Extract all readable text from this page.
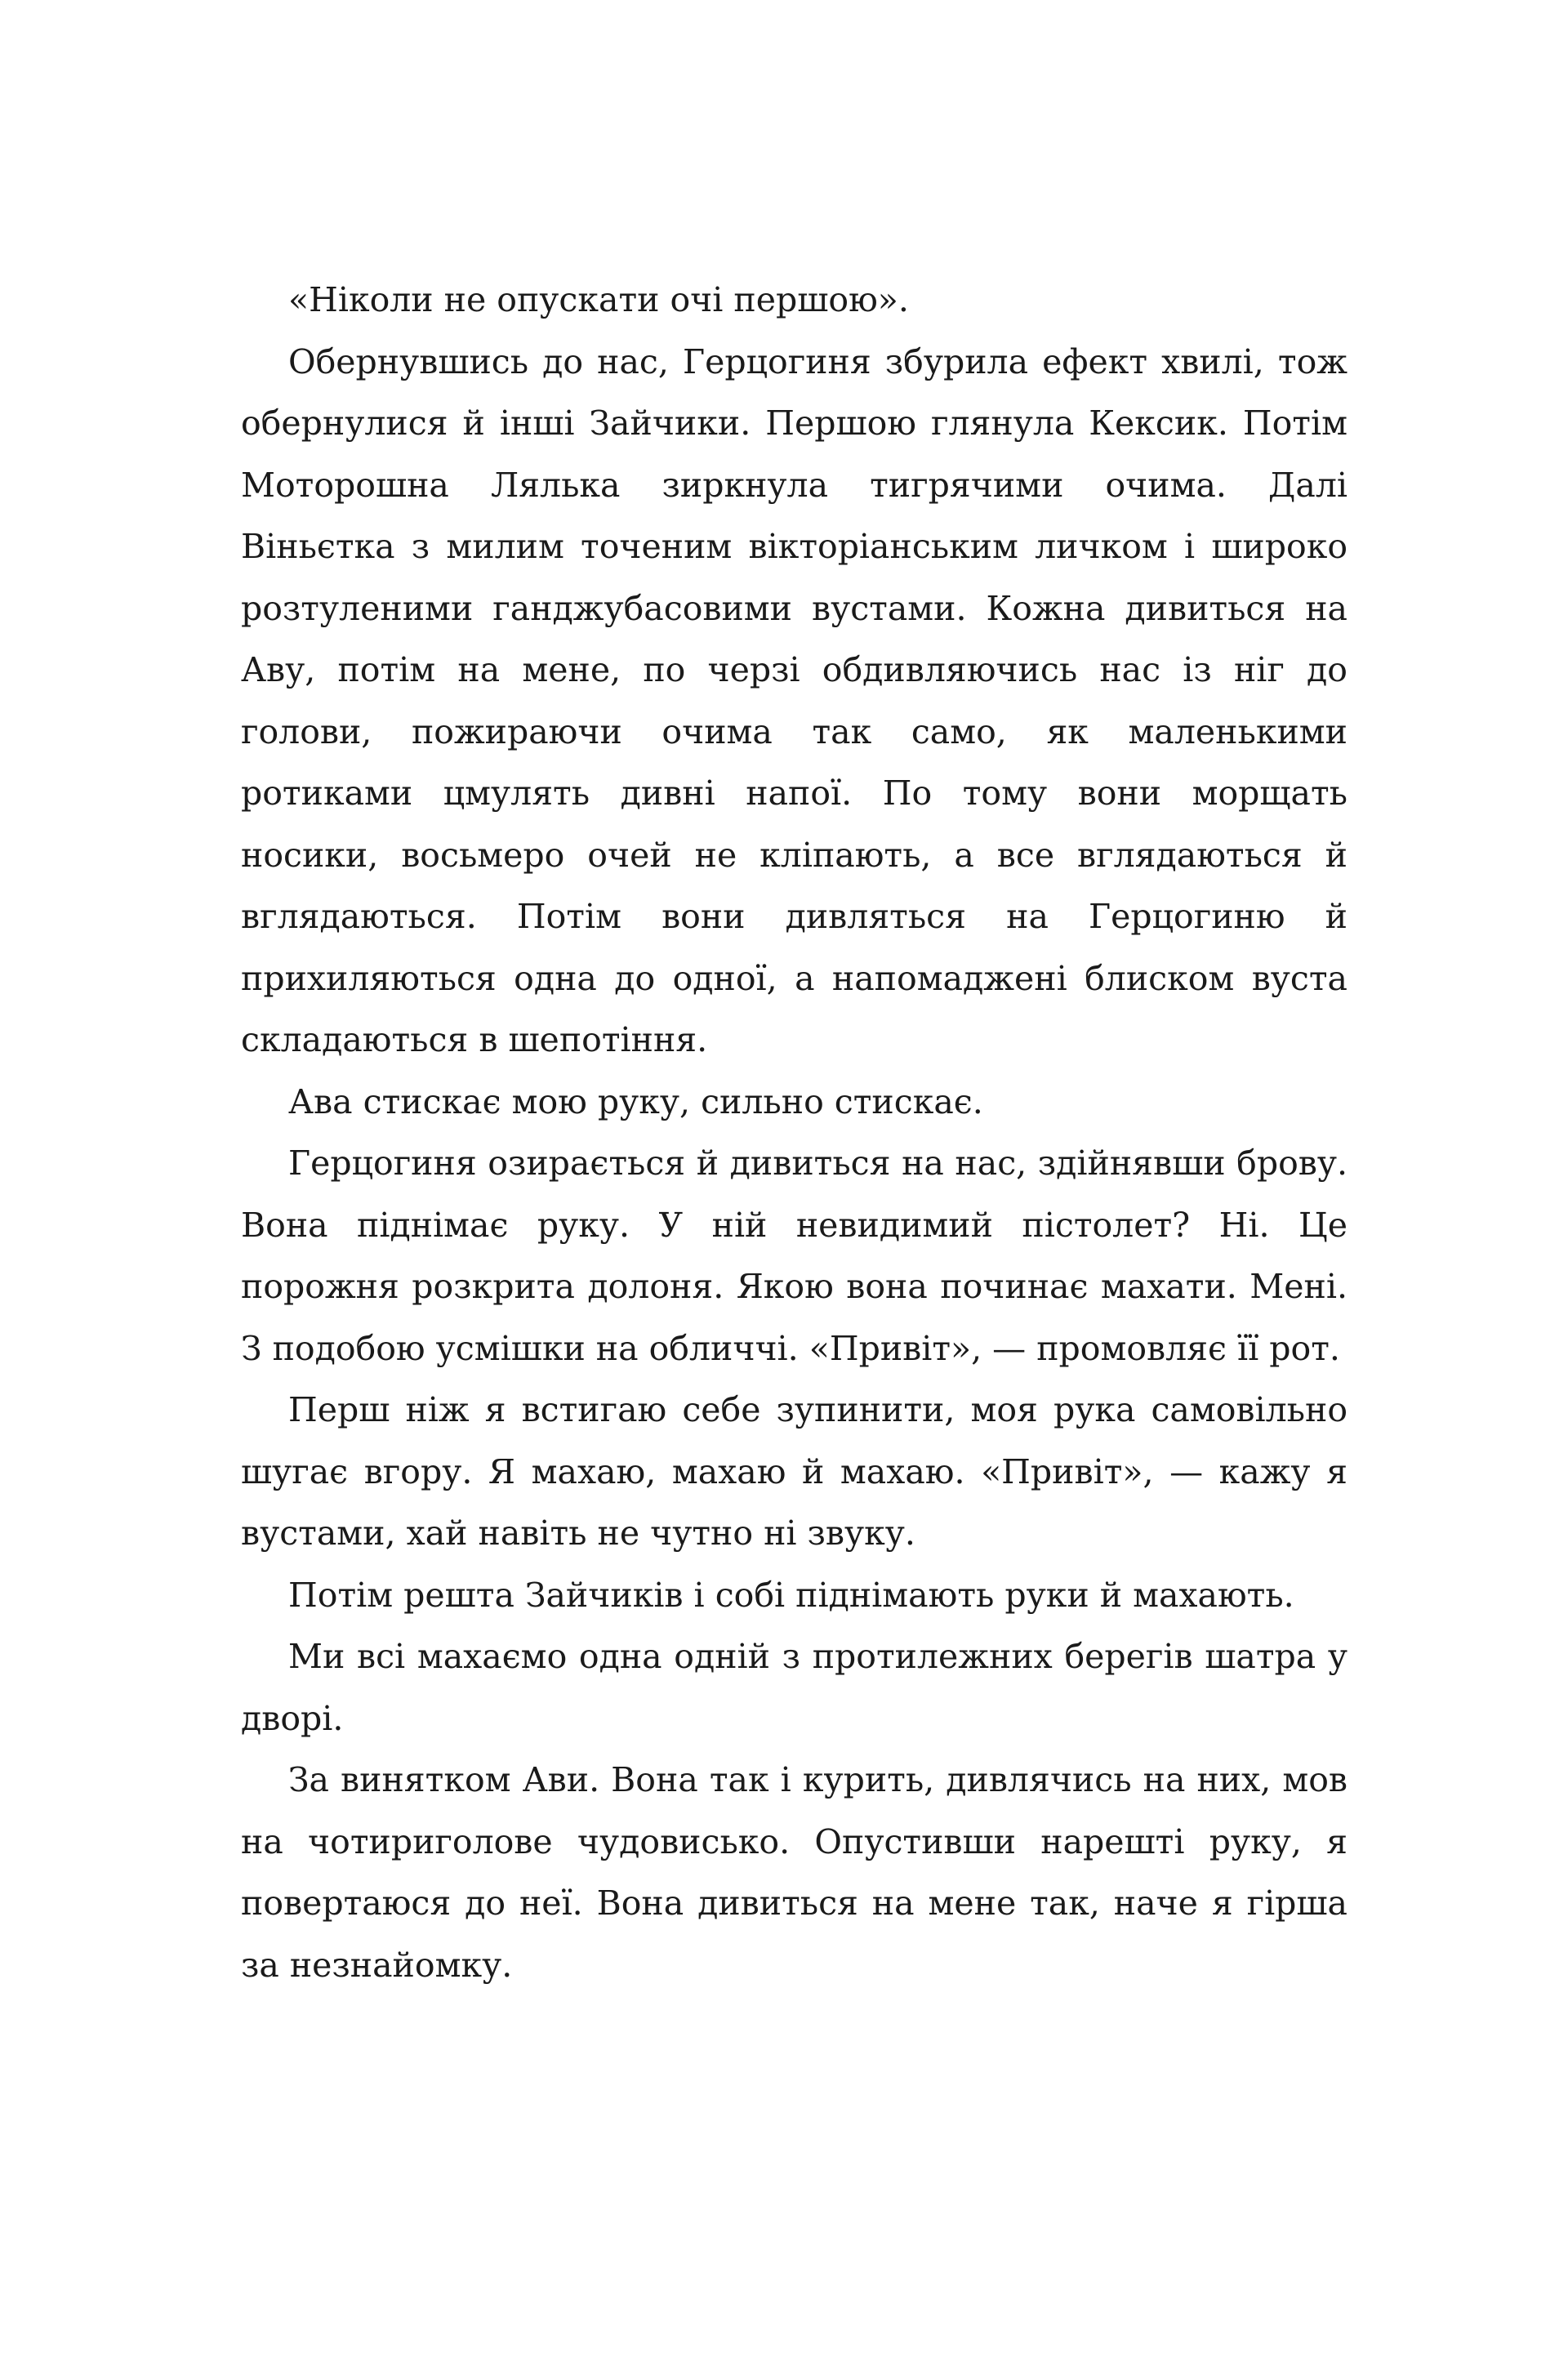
«Ніколи не опускати очі першою».

Обернувшись до нас, Герцогиня збурила ефект хвилі, тож обернулися й інші Зайчики. Першою глянула Кексик. Потім Моторошна Лялька зиркнула тигрячими очима. Далі Віньєтка з милим точеним вікторіанським личком і широко розтуленими ганджубасовими вустами. Кожна дивиться на Аву, потім на мене, по черзі обдивляючись нас із ніг до голови, пожираючи очима так само, як маленькими ротиками цмулять дивні напої. По тому вони морщать носики, восьмеро очей не кліпають, а все вглядаються й вглядаються. Потім вони дивляться на Герцогиню й прихиляються одна до одної, а напомаджені блиском вуста складаються в шепотіння.

Ава стискає мою руку, сильно стискає.

Герцогиня озирається й дивиться на нас, здійнявши брову. Вона піднімає руку. У ній невидимий пістолет? Ні. Це порожня розкрита долоня. Якою вона починає махати. Мені. З подобою усмішки на обличчі. «Привіт», — промовляє її рот.

Перш ніж я встигаю себе зупинити, моя рука самовільно шугає вгору. Я махаю, махаю й махаю. «Привіт», — кажу я вустами, хай навіть не чутно ні звуку.

Потім решта Зайчиків і собі піднімають руки й махають.

Ми всі махаємо одна одній з протилежних берегів шатра у дворі.

За винятком Ави. Вона так і курить, дивлячись на них, мов на чотириголове чудовисько. Опустивши нарешті руку, я повертаюся до неї. Вона дивиться на мене так, наче я гірша за незнайомку.
